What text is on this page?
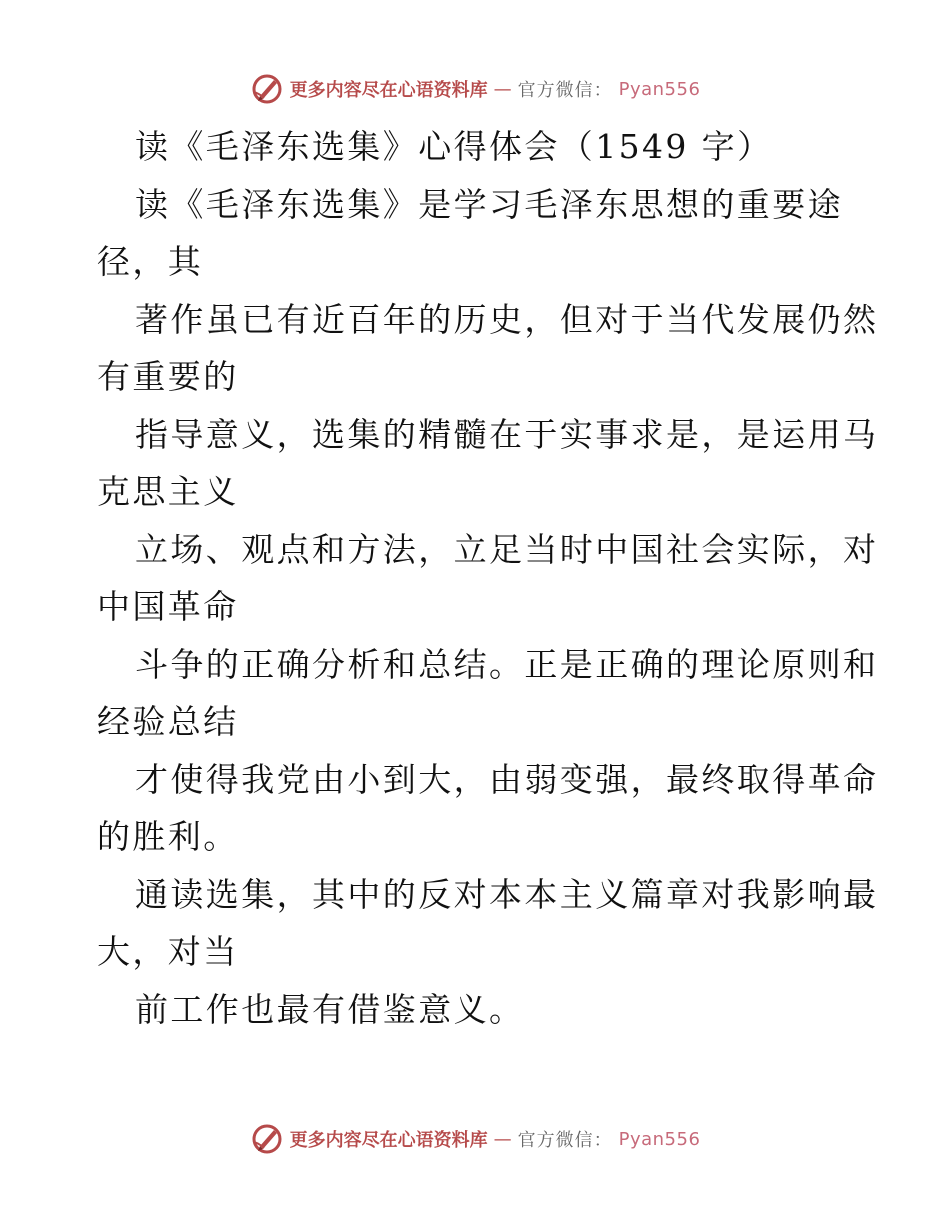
更多内容尽在心语资料库 — 官方微信： Pyan556
读《毛泽东选集》心得体会（1549 字）
读《毛泽东选集》是学习毛泽东思想的重要途
径，其
著作虽已有近百年的历史，但对于当代发展仍然
有重要的
指导意义，选集的精髓在于实事求是，是运用马
克思主义
立场、观点和方法，立足当时中国社会实际，对
中国革命
斗争的正确分析和总结。正是正确的理论原则和
经验总结
才使得我党由小到大，由弱变强，最终取得革命
的胜利。
通读选集，其中的反对本本主义篇章对我影响最
大，对当
前工作也最有借鉴意义。
更多内容尽在心语资料库 — 官方微信： Pyan556
